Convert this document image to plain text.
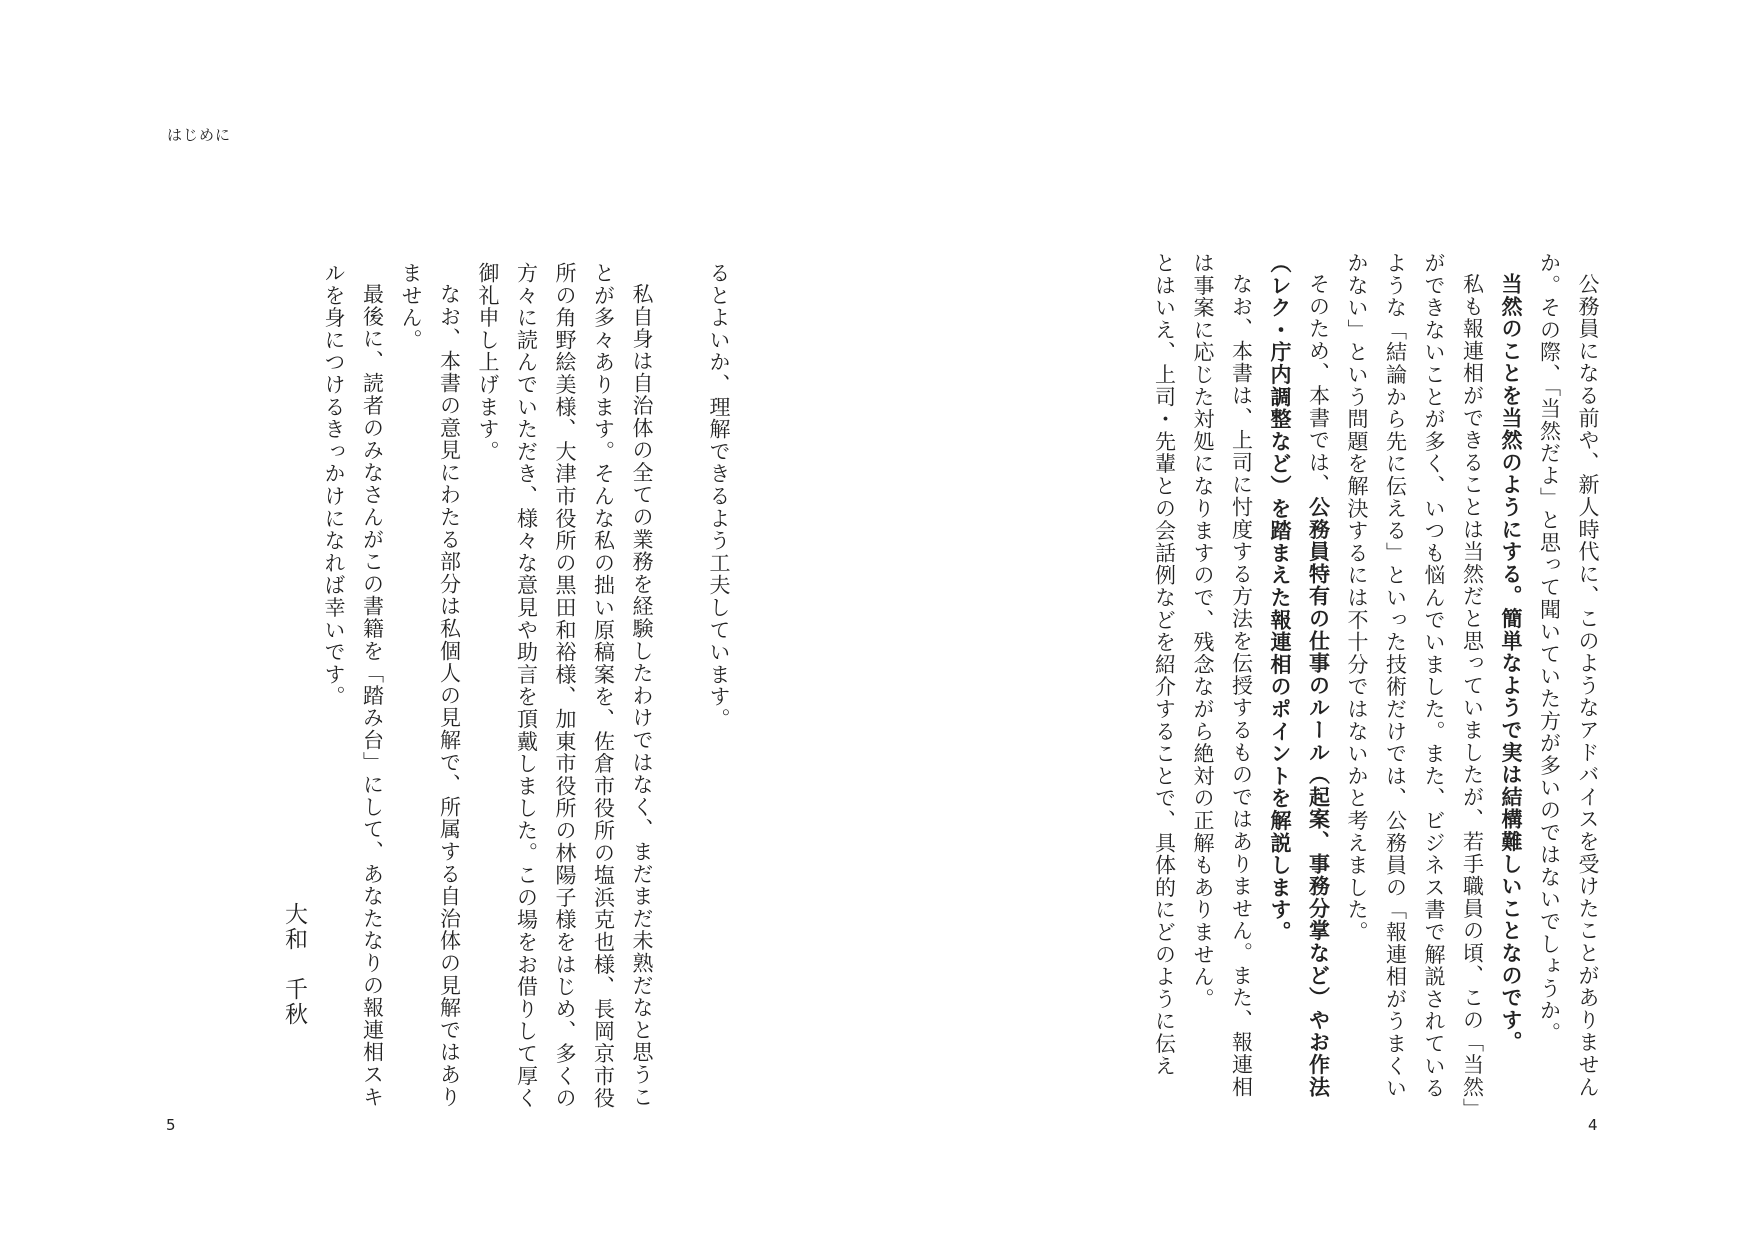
はじめに

公務員になる前や、新人時代に、このようなアドバイスを受けたことがありません

か。その際、「当然だよ」と思って聞いていた方が多いのではないでしょうか。

当然のことを当然のようにする。簡単なようで実は結構難しいことなのです。

私も報連相ができることは当然だと思っていましたが、若手職員の頃、この「当然」

ができないことが多く、いつも悩んでいました。また、ビジネス書で解説されている

ような「結論から先に伝える」といった技術だけでは、公務員の「報連相がうまくい

かない」という問題を解決するには不十分ではないかと考えました。

そのため、本書では、公務員特有の仕事のルール（起案、事務分掌など）やお作法

（レク・庁内調整など）を踏まえた報連相のポイントを解説します。

なお、本書は、上司に忖度する方法を伝授するものではありません。また、報連相

は事案に応じた対処になりますので、残念ながら絶対の正解もありません。

とはいえ、上司・先輩との会話例などを紹介することで、具体的にどのように伝え

るとよいか、理解できるよう工夫しています。

私自身は自治体の全ての業務を経験したわけではなく、まだまだ未熟だなと思うこ

とが多々あります。そんな私の拙い原稿案を、佐倉市役所の塩浜克也様、長岡京市役

所の角野絵美様、大津市役所の黒田和裕様、加東市役所の林陽子様をはじめ、多くの

方々に読んでいただき、様々な意見や助言を頂戴しました。この場をお借りして厚く

御礼申し上げます。

なお、本書の意見にわたる部分は私個人の見解で、所属する自治体の見解ではあり

ません。

最後に、読者のみなさんがこの書籍を「踏み台」にして、あなたなりの報連相スキ

ルを身につけるきっかけになれば幸いです。

大和　千秋
5	4
